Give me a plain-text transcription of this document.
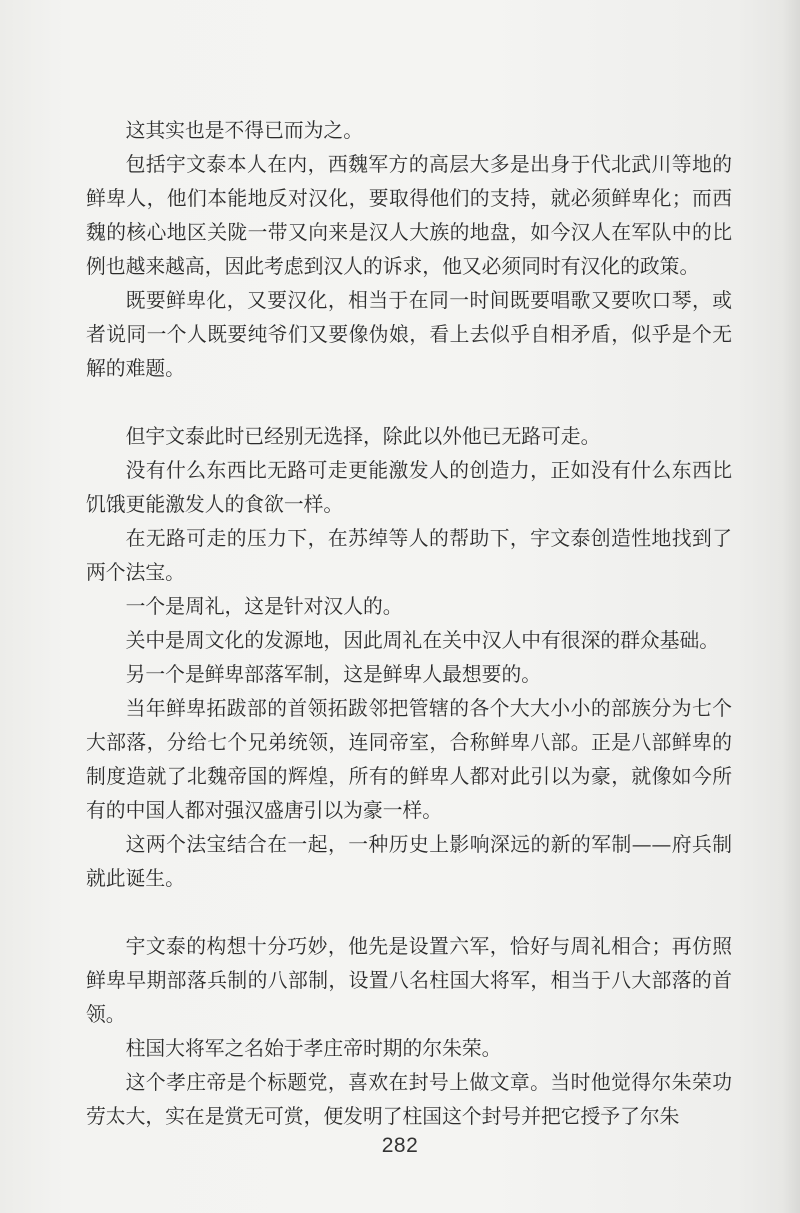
这其实也是不得已而为之。

包括宇文泰本人在内，西魏军方的高层大多是出身于代北武川等地的鲜卑人，他们本能地反对汉化，要取得他们的支持，就必须鲜卑化；而西魏的核心地区关陇一带又向来是汉人大族的地盘，如今汉人在军队中的比例也越来越高，因此考虑到汉人的诉求，他又必须同时有汉化的政策。

既要鲜卑化，又要汉化，相当于在同一时间既要唱歌又要吹口琴，或者说同一个人既要纯爷们又要像伪娘，看上去似乎自相矛盾，似乎是个无解的难题。

但宇文泰此时已经别无选择，除此以外他已无路可走。

没有什么东西比无路可走更能激发人的创造力，正如没有什么东西比饥饿更能激发人的食欲一样。

在无路可走的压力下，在苏绰等人的帮助下，宇文泰创造性地找到了两个法宝。

一个是周礼，这是针对汉人的。

关中是周文化的发源地，因此周礼在关中汉人中有很深的群众基础。

另一个是鲜卑部落军制，这是鲜卑人最想要的。

当年鲜卑拓跋部的首领拓跋邻把管辖的各个大大小小的部族分为七个大部落，分给七个兄弟统领，连同帝室，合称鲜卑八部。正是八部鲜卑的制度造就了北魏帝国的辉煌，所有的鲜卑人都对此引以为豪，就像如今所有的中国人都对强汉盛唐引以为豪一样。

这两个法宝结合在一起，一种历史上影响深远的新的军制——府兵制就此诞生。

宇文泰的构想十分巧妙，他先是设置六军，恰好与周礼相合；再仿照鲜卑早期部落兵制的八部制，设置八名柱国大将军，相当于八大部落的首领。

柱国大将军之名始于孝庄帝时期的尔朱荣。

这个孝庄帝是个标题党，喜欢在封号上做文章。当时他觉得尔朱荣功劳太大，实在是赏无可赏，便发明了柱国这个封号并把它授予了尔朱

282
